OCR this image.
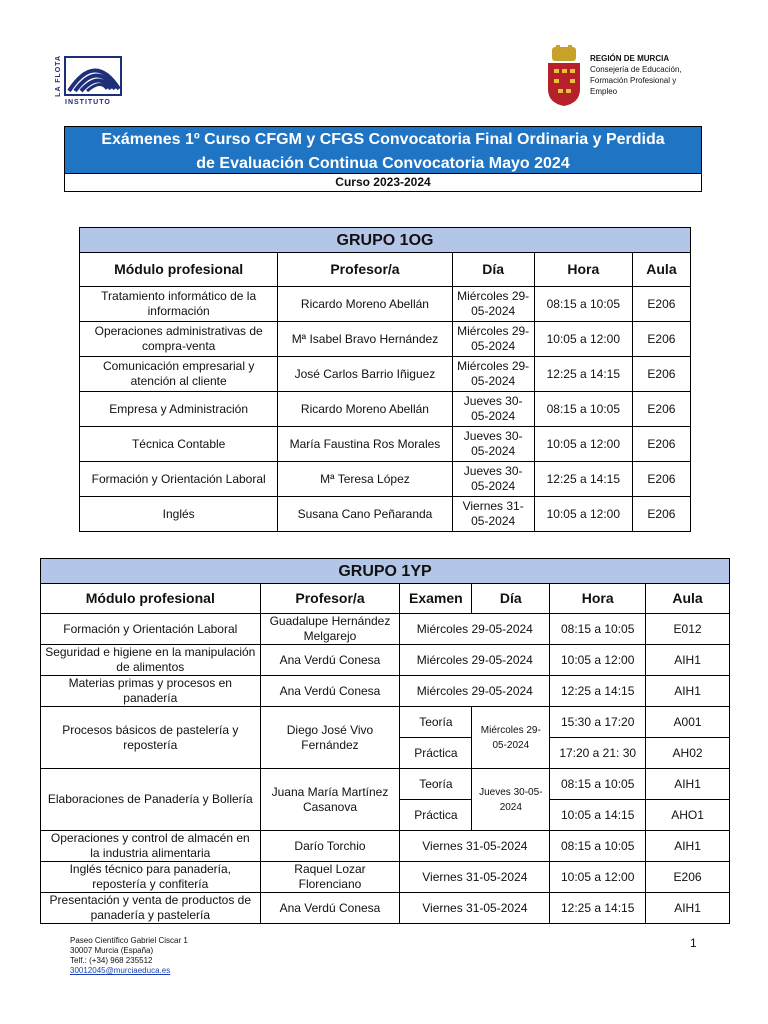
LA FLOTA
INSTITUTO
REGIÓN DE MURCIA
Consejería de Educación,
Formación Profesional y
Empleo
Exámenes 1º Curso CFGM y CFGS Convocatoria Final Ordinaria y Perdida
de Evaluación Continua Convocatoria Mayo 2024
Curso 2023-2024
GRUPO 1OG				
Módulo profesional	Profesor/a	Día	Hora	Aula
Tratamiento informático de la información	Ricardo Moreno Abellán	Miércoles 29-05-2024	08:15 a 10:05	E206
Operaciones administrativas de compra-venta	Mª Isabel Bravo Hernández	Miércoles 29-05-2024	10:05 a 12:00	E206
Comunicación empresarial y atención al cliente	José Carlos Barrio Iñiguez	Miércoles 29-05-2024	12:25 a 14:15	E206
Empresa y Administración	Ricardo Moreno Abellán	Jueves 30-05-2024	08:15 a 10:05	E206
Técnica Contable	María Faustina Ros Morales	Jueves 30-05-2024	10:05 a 12:00	E206
Formación y Orientación Laboral	Mª Teresa López	Jueves 30-05-2024	12:25 a 14:15	E206
Inglés	Susana Cano Peñaranda	Viernes 31-05-2024	10:05 a 12:00	E206
GRUPO 1YP					
Módulo profesional	Profesor/a	Examen	Día	Hora	Aula
Formación y Orientación Laboral	Guadalupe Hernández Melgarejo	Miércoles 29-05-2024		08:15 a 10:05	E012
Seguridad e higiene en la manipulación de alimentos	Ana Verdú Conesa	Miércoles 29-05-2024		10:05 a 12:00	AIH1
Materias primas y procesos en panadería	Ana Verdú Conesa	Miércoles 29-05-2024		12:25 a 14:15	AIH1
Procesos básicos de pastelería y repostería	Diego José Vivo Fernández	Teoría	Miércoles 29-05-2024	15:30 a 17:20	A001
		Práctica		17:20 a 21: 30	AH02
Elaboraciones de Panadería y Bollería	Juana María Martínez Casanova	Teoría	Jueves 30-05-2024	08:15 a 10:05	AIH1
		Práctica		10:05 a 14:15	AHO1
Operaciones y control de almacén en la industria alimentaria	Darío Torchio	Viernes 31-05-2024		08:15 a 10:05	AIH1
Inglés técnico para panadería, repostería y confitería	Raquel Lozar Florenciano	Viernes 31-05-2024		10:05 a 12:00	E206
Presentación y venta de productos de panadería y pastelería	Ana Verdú Conesa	Viernes 31-05-2024		12:25 a 14:15	AIH1
Paseo Científico Gabriel Ciscar 1
30007 Murcia (España)
Telf.: (+34) 968 235512
30012045@murciaeduca.es
1
